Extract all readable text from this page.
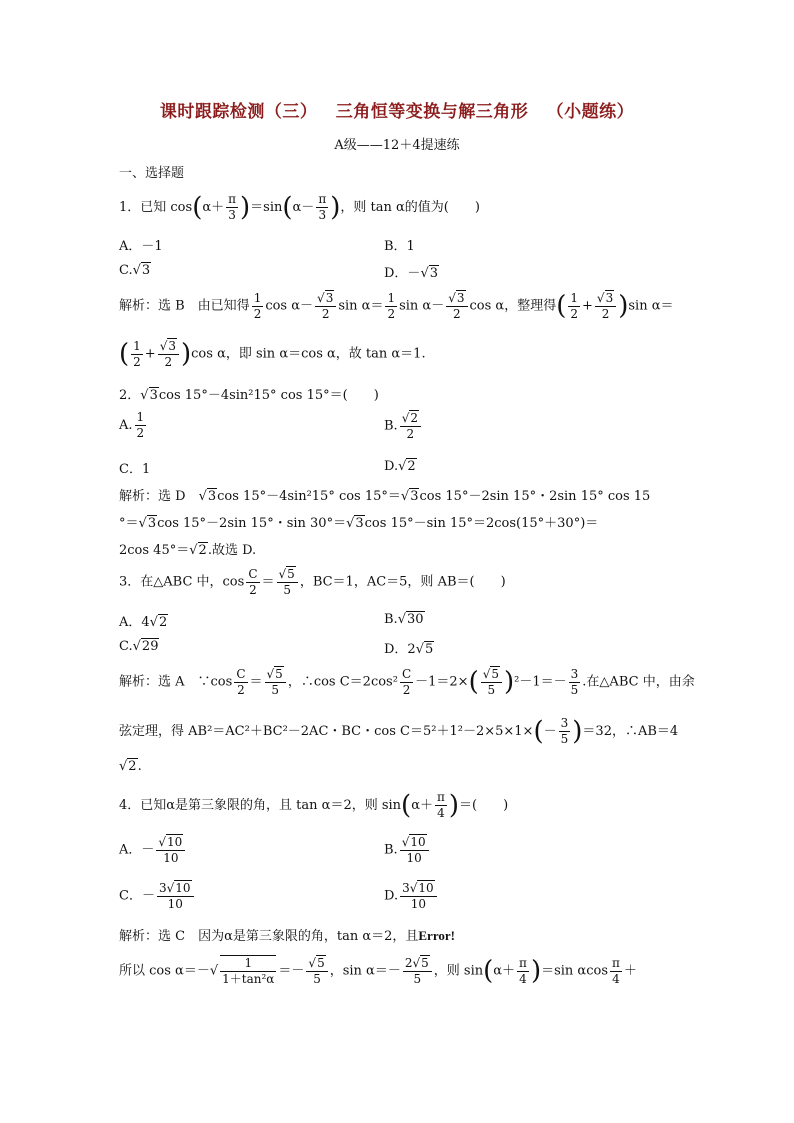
课时跟踪检测（三） 三角恒等变换与解三角形 （小题练）
A级——12＋4提速练
一、选择题
1．已知 $\cos(\alpha+ \frac{\pi}{3} )=\sin(\alpha- \frac{\pi}{3}$ )，则 tan α的值为(　　)
A．－1	B．1
C.√3	D．－√3
解析：选 B　由已知得 $\frac{1}{2}$ $\cos \alpha- \frac{√3}{2}$ $\sin \alpha= \frac{1}{2}$ $\sin \alpha- \frac{√3}{2}$ cos α，整理得( $\frac{1}{2} + \frac{√3}{2} )\sin$ α＝
( $\frac{1}{2} + \frac{√3}{2} )\cos$ α，即 sin α＝cos α，故 tan α＝1.
2．√3cos 15°－4sin²15° cos 15°＝(　　)
A. $\frac{1}{2}$	B. $\frac{√2}{2}$
C．1	D.√2
解析：选 D　√3cos 15°－4sin²15° cos 15°＝√3cos 15°－2sin 15°・2sin 15° cos 15
°＝√3cos 15°－2sin 15°・sin 30°＝√3cos 15°－sin 15°＝2cos(15°＋30°)＝
2cos 45°＝√2.故选 D.
3．在△ABC 中，$\cos \frac{C}{2} = \frac{√5}{5}$ ，BC＝1，AC＝5，则 AB＝(　　)
A．4√2	B.√30
C.√29	D．2√5
解析：选 A　∵cos $\frac{C}{2} = \frac{√5}{5}$ ，∴cos $C=2\cos^2 \frac{C}{2} -1=2\times( \frac{√5}{5} )^2-1=- \frac{3}{5}$ .在△ABC 中，由余
弦定理，得 AB²＝AC²＋BC²－2AC・BC・$\cos C=5^2+1^2-2\times 5\times 1\times(- \frac{3}{5} )=32$，∴AB＝4
√2.
4．已知α是第三象限的角，且 tan α＝2，则 $\sin(\alpha+ \frac{\pi}{4}$ )＝(　　)
A．－ $\frac{√10}{10}$	B. $\frac{√10}{10}$
C．－ $\frac{3√10}{10}$	D. $\frac{3√10}{10}$
解析：选 C　因为α是第三象限的角，tan α＝2，且Error!
所以 $\cos \alpha=-√ \frac{1}{\text{1＋tan²α}} =- \frac{√5}{5}$ ，$\sin \alpha=- \frac{2√5}{5}$ ，则 $\sin(\alpha+ \frac{\pi}{4} )=\sin$ αcos $\frac{\pi}{4}$ ＋
